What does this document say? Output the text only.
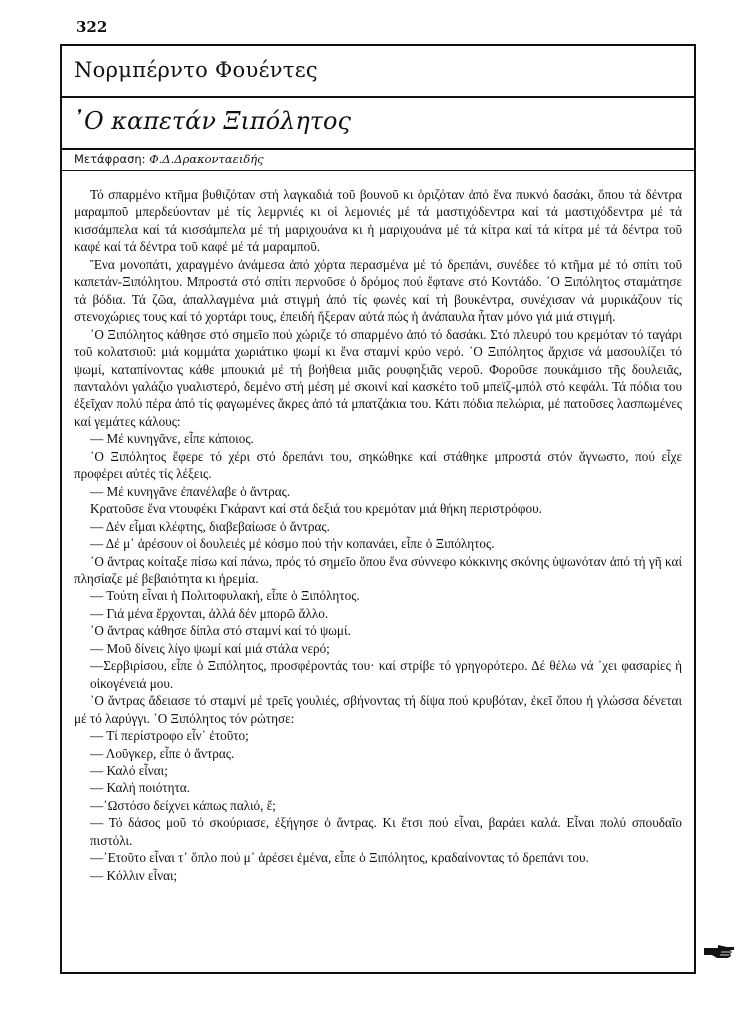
322
Νορμπέρντο Φουέντες
᾿Ο καπετάν Ξιπόλητος
Μετάφραση: Φ.Δ.Δρακονταειδής

Τό σπαρμένο κτῆμα βυθιζόταν στή λαγκαδιά τοῦ βουνοῦ κι ὁριζόταν ἀπό ἕνα πυκνό δασάκι, ὅπου τά δέντρα μαραμποῦ μπερδεύονταν μέ τίς λεμρνιές κι οἱ λεμονιές μέ τά μαστιχόδεντρα καί τά μαστιχόδεντρα μέ τά κισσάμπελα καί τά κισσάμπελα μέ τή μαριχουάνα κι ἡ μαριχουάνα μέ τά κίτρα καί τά κίτρα μέ τά δέντρα τοῦ καφέ καί τά δέντρα τοῦ καφέ μέ τά μαραμποῦ.

Ἕνα μονοπάτι, χαραγμένο ἀνάμεσα ἀπό χόρτα περασμένα μέ τό δρεπάνι, συνέδεε τό κτῆμα μέ τό σπίτι τοῦ καπετάν-Ξιπόλητου. Μπροστά στό σπίτι περνοῦσε ὁ δρόμος πού ἔφτανε στό Κοντάδο. ᾿Ο Ξιπόλητος σταμάτησε τά βόδια. Τά ζῶα, ἀπαλλαγμένα μιά στιγμή ἀπό τίς φωνές καί τή βουκέντρα, συνέχισαν νά μυρικάζουν τίς στενοχώριες τους καί τό χορτάρι τους, ἐπειδή ἤξεραν αὐτά πώς ἡ ἀνάπαυλα ἦταν μόνο γιά μιά στιγμή.

᾿Ο Ξιπόλητος κάθησε στό σημεῖο πού χώριζε τό σπαρμένο ἀπό τό δασάκι. Στό πλευρό του κρεμόταν τό ταγάρι τοῦ κολατσιοῦ: μιά κομμάτα χωριάτικο ψωμί κι ἕνα σταμνί κρύο νερό. ᾿Ο Ξιπόλητος ἄρχισε νά μασουλίζει τό ψωμί, καταπίνοντας κάθε μπουκιά μέ τή βοήθεια μιᾶς ρουφηξιᾶς νεροῦ. Φοροῦσε πουκάμισο τῆς δουλειᾶς, πανταλόνι γαλάζιο γυαλιστερό, δεμένο στή μέση μέ σκοινί καί κασκέτο τοῦ μπεϊζ-μπόλ στό κεφάλι. Τά πόδια του ἐξεῖχαν πολύ πέρα ἀπό τίς φαγωμένες ἄκρες ἀπό τά μπατζάκια του. Κάτι πόδια πελώρια, μέ πατοῦσες λασπωμένες καί γεμάτες κάλους:

— Μέ κυνηγᾶνε, εἶπε κάποιος.

᾿Ο Ξιπόλητος ἔφερε τό χέρι στό δρεπάνι του, σηκώθηκε καί στάθηκε μπροστά στόν ἄγνωστο, πού εἶχε προφέρει αὐτές τίς λέξεις.

— Μέ κυνηγᾶνε ἐπανέλαβε ὁ ἄντρας.

Κρατοῦσε ἕνα ντουφέκι Γκάραντ καί στά δεξιά του κρεμόταν μιά θήκη περιστρόφου.

— Δέν εἶμαι κλέφτης, διαβεβαίωσε ὁ ἄντρας.

— Δέ μ᾿ ἀρέσουν οἱ δουλειές μέ κόσμο πού τήν κοπανάει, εἶπε ὁ Ξιπόλητος.

᾿Ο ἄντρας κοίταξε πίσω καί πάνω, πρός τό σημεῖο ὅπου ἕνα σύννεφο κόκκινης σκόνης ὑψωνόταν ἀπό τή γῆ καί πλησίαζε μέ βεβαιότητα κι ἠρεμία.

— Τούτη εἶναι ἡ Πολιτοφυλακή, εἶπε ὁ Ξιπόλητος.

— Γιά μένα ἔρχονται, ἀλλά δέν μπορῶ ἄλλο.

᾿Ο ἄντρας κάθησε δίπλα στό σταμνί καί τό ψωμί.

— Μοῦ δίνεις λίγο ψωμί καί μιά στάλα νερό;

—Σερβιρίσου, εἶπε ὁ Ξιπόλητος, προσφέροντάς του· καί στρίβε τό γρηγορότερο. Δέ θέλω νά ᾿χει φασαρίες ἡ οἰκογένειά μου.

᾿Ο ἄντρας ἄδειασε τό σταμνί μέ τρεῖς γουλιές, σβήνοντας τή δίψα πού κρυβόταν, ἐκεῖ ὅπου ἡ γλώσσα δένεται μέ τό λαρύγγι. ᾿Ο Ξιπόλητος τόν ρώτησε:

— Τί περίστροφο εἶν᾿ ἐτοῦτο;

— Λοῦγκερ, εἶπε ὁ ἄντρας.

— Καλό εἶναι;

— Καλή ποιότητα.

—᾿Ωστόσο δείχνει κάπως παλιό, ἔ;

— Τό δάσος μοῦ τό σκούριασε, ἐξήγησε ὁ ἄντρας. Κι ἔτσι πού εἶναι, βαράει καλά. Εἶναι πολύ σπουδαῖο πιστόλι.

—᾿Ετοῦτο εἶναι τ᾿ ὅπλο πού μ᾿ ἀρέσει ἐμένα, εἶπε ὁ Ξιπόλητος, κραδαίνοντας τό δρεπάνι του.

— Κόλλιν εἶναι;
